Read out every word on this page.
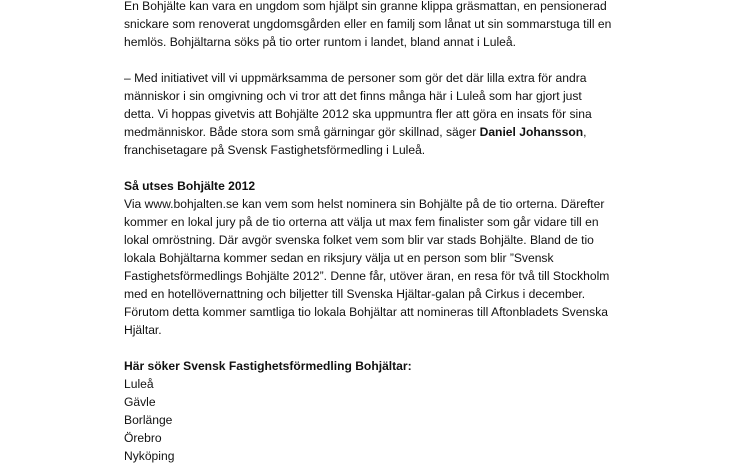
En Bohjälte kan vara en ungdom som hjälpt sin granne klippa gräsmattan, en pensionerad
snickare som renoverat ungdomsgården eller en familj som lånat ut sin sommarstuga till en
hemlös. Bohjältarna söks på tio orter runtom i landet, bland annat i Luleå.
– Med initiativet vill vi uppmärksamma de personer som gör det där lilla extra för andra
människor i sin omgivning och vi tror att det finns många här i Luleå som har gjort just
detta. Vi hoppas givetvis att Bohjälte 2012 ska uppmuntra fler att göra en insats för sina
medmänniskor. Både stora som små gärningar gör skillnad, säger Daniel Johansson,
franchisetagare på Svensk Fastighetsförmedling i Luleå.
Så utses Bohjälte 2012
Via www.bohjalten.se kan vem som helst nominera sin Bohjälte på de tio orterna. Därefter
kommer en lokal jury på de tio orterna att välja ut max fem finalister som går vidare till en
lokal omröstning. Där avgör svenska folket vem som blir var stads Bohjälte. Bland de tio
lokala Bohjältarna kommer sedan en riksjury välja ut en person som blir ”Svensk
Fastighetsförmedlings Bohjälte 2012”. Denne får, utöver äran, en resa för två till Stockholm
med en hotellövernattning och biljetter till Svenska Hjältar-galan på Cirkus i december.
Förutom detta kommer samtliga tio lokala Bohjältar att nomineras till Aftonbladets Svenska
Hjältar.
Här söker Svensk Fastighetsförmedling Bohjältar:
Luleå
Gävle
Borlänge
Örebro
Nyköping
